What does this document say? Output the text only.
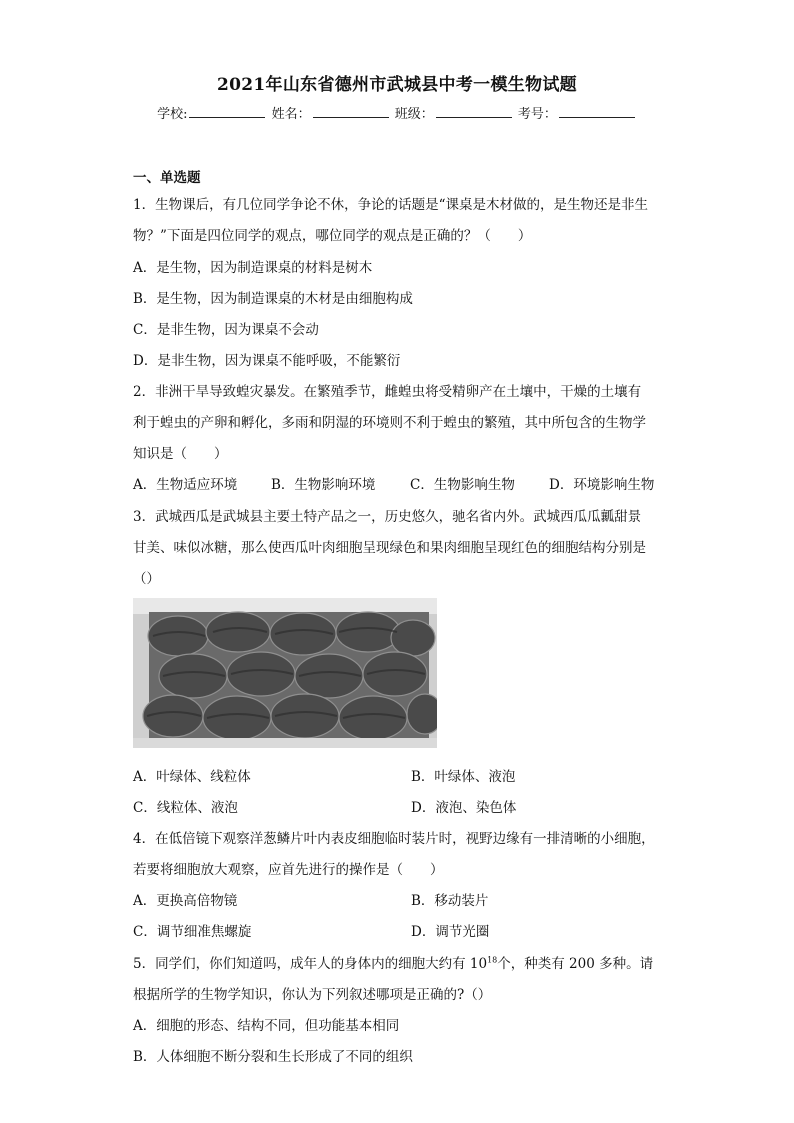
2021年山东省德州市武城县中考一模生物试题
学校:	姓名：	班级：	考号：
一、单选题
1．生物课后，有几位同学争论不休，争论的话题是“课桌是木材做的，是生物还是非生
物？”下面是四位同学的观点，哪位同学的观点是正确的？（　　）
A．是生物，因为制造课桌的材料是树木
B．是生物，因为制造课桌的木材是由细胞构成
C．是非生物，因为课桌不会动
D．是非生物，因为课桌不能呼吸，不能繁衍
2．非洲干旱导致蝗灾暴发。在繁殖季节，雌蝗虫将受精卵产在土壤中，干燥的土壤有
利于蝗虫的产卵和孵化，多雨和阴湿的环境则不利于蝗虫的繁殖，其中所包含的生物学
知识是（　　）
A．生物适应环境	B．生物影响环境	C．生物影响生物	D．环境影响生物
3．武城西瓜是武城县主要土特产品之一，历史悠久，驰名省内外。武城西瓜瓜瓤甜景
甘美、味似冰糖，那么使西瓜叶肉细胞呈现绿色和果肉细胞呈现红色的细胞结构分别是
（）
A．叶绿体、线粒体	B．叶绿体、液泡
C．线粒体、液泡	D．液泡、染色体
4．在低倍镜下观察洋葱鳞片叶内表皮细胞临时装片时，视野边缘有一排清晰的小细胞，
若要将细胞放大观察，应首先进行的操作是（　　）
A．更换高倍物镜	B．移动装片
C．调节细准焦螺旋	D．调节光圈
5．同学们，你们知道吗，成年人的身体内的细胞大约有 $10^{18}$个，种类有 200 多种。请
根据所学的生物学知识，你认为下列叙述哪项是正确的?（）
A．细胞的形态、结构不同，但功能基本相同
B．人体细胞不断分裂和生长形成了不同的组织
